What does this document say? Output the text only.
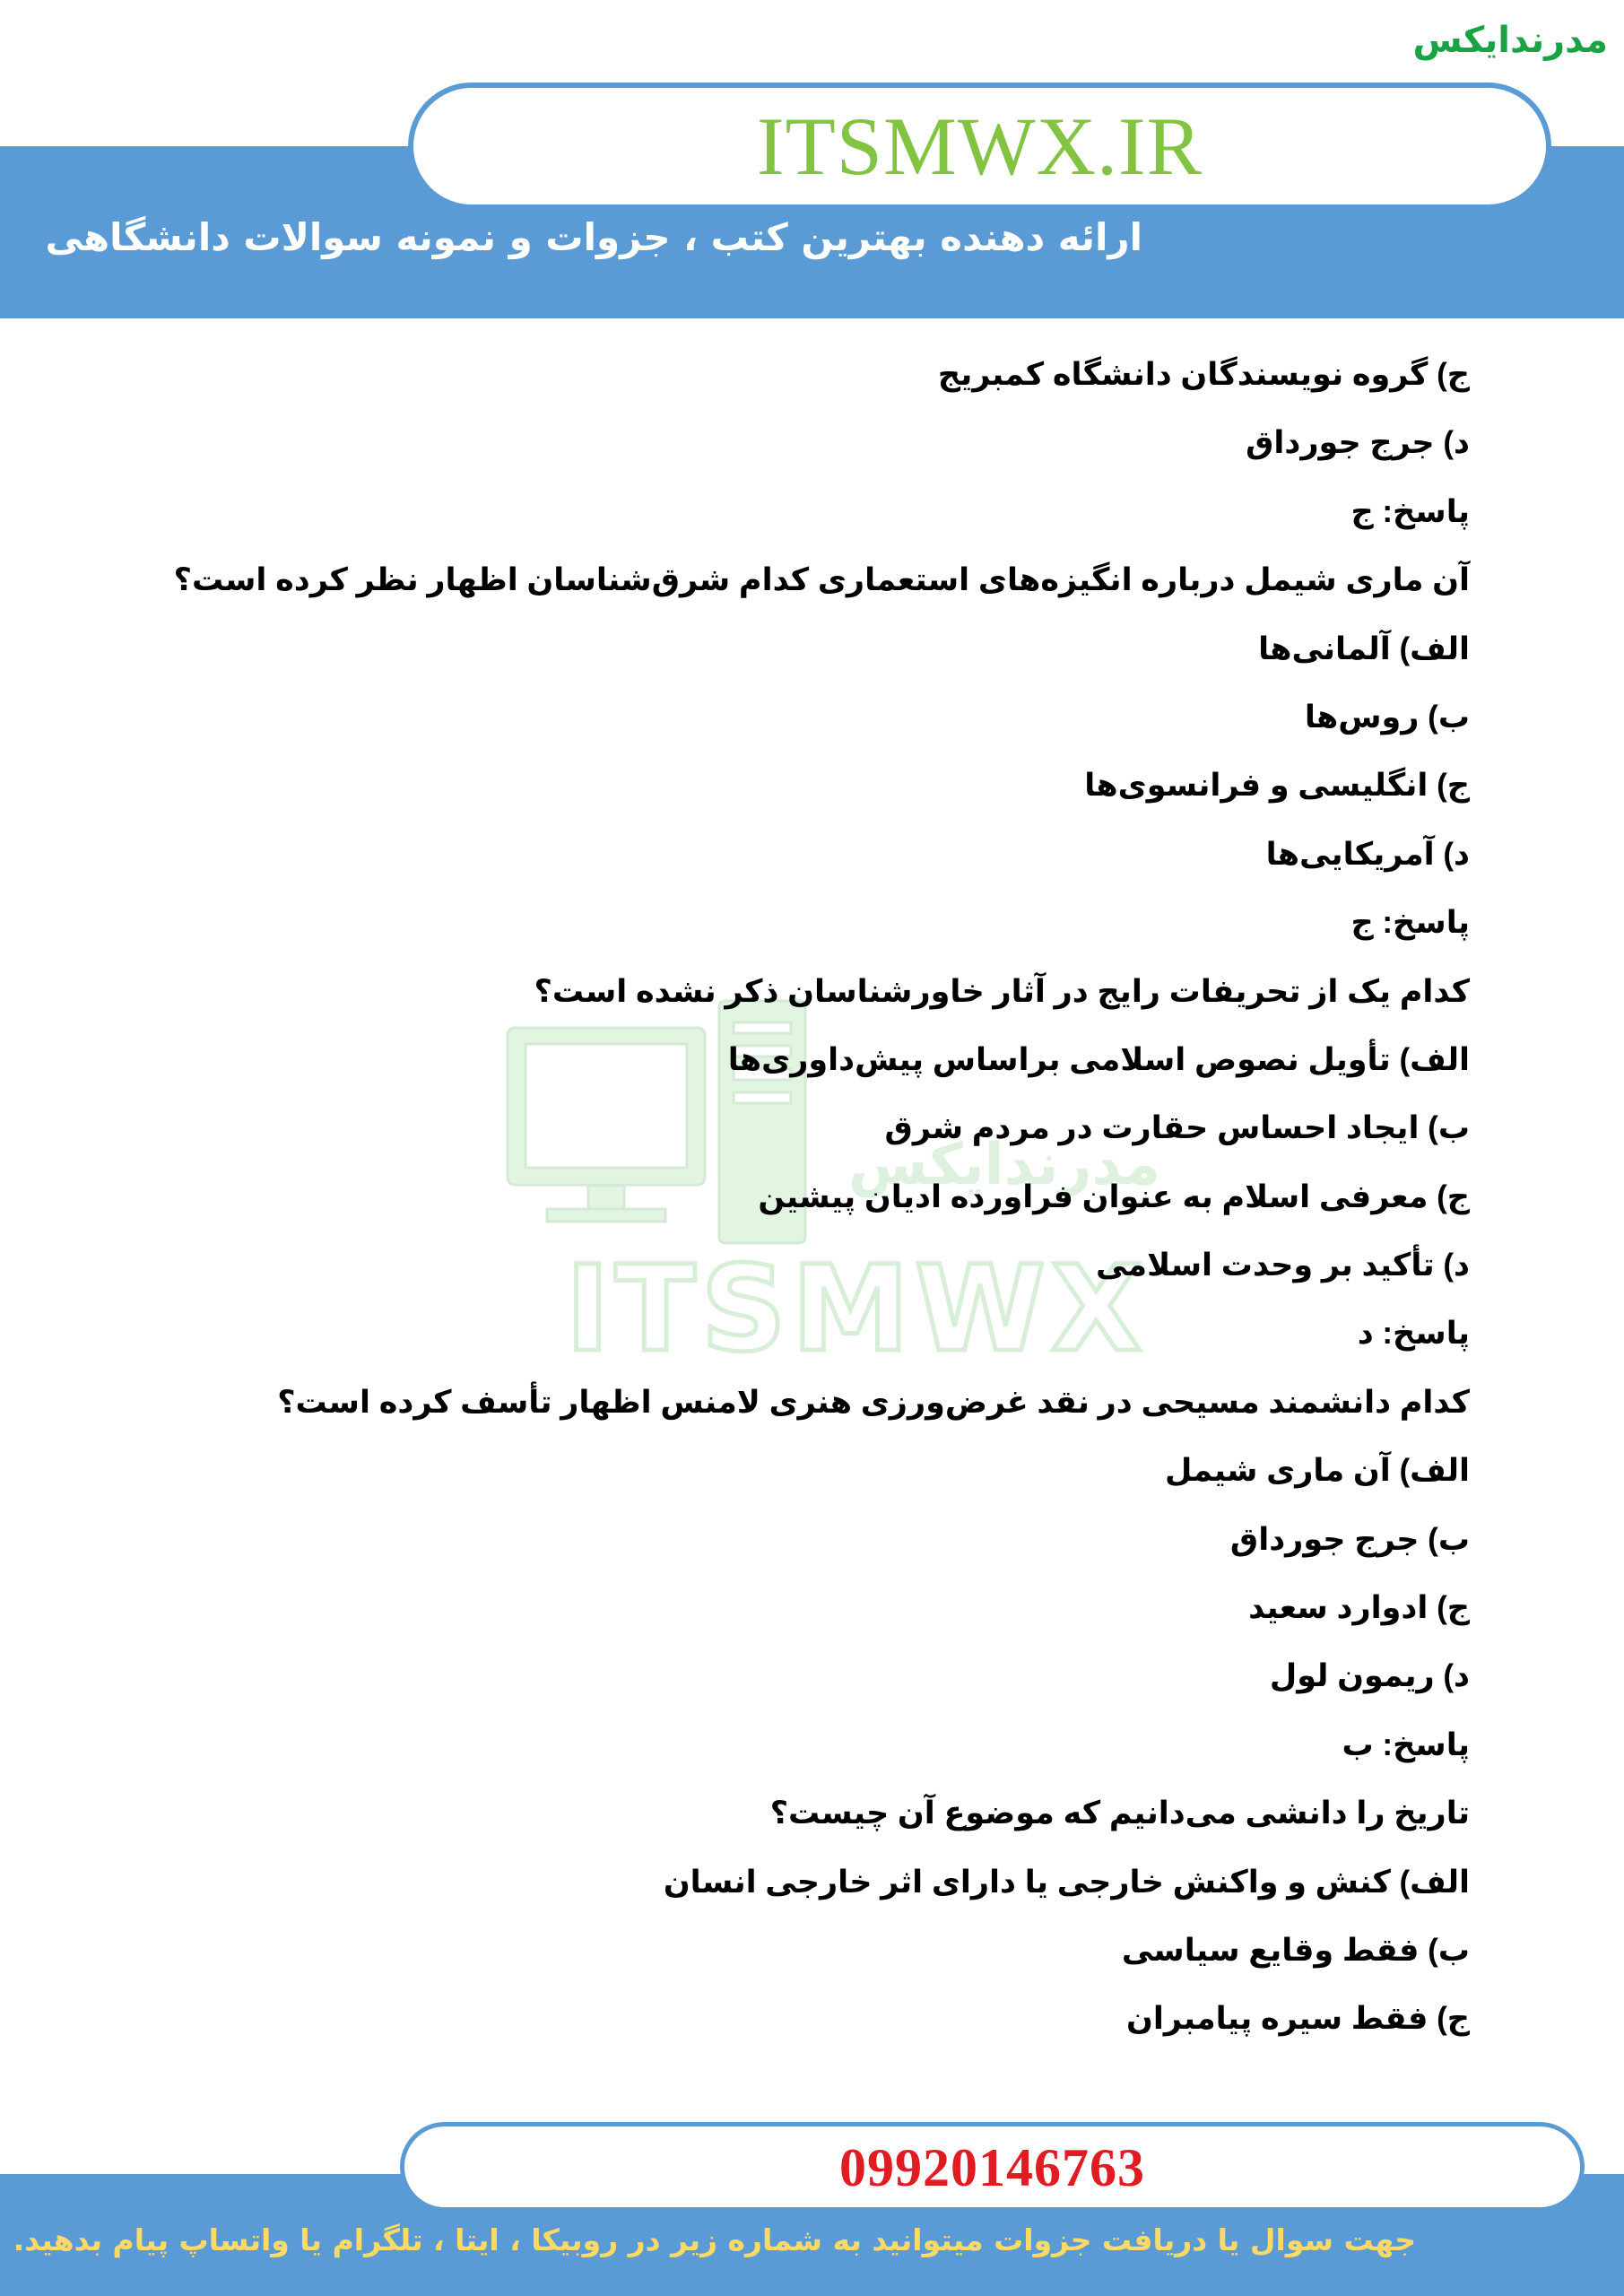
مدرندایکس
ITSMWX.IR
ارائه دهنده بهترین کتب ، جزوات و نمونه سوالات دانشگاهی
مدرندایکس
ITSMWX
ج) گروه نویسندگان دانشگاه کمبریج
د) جرج جورداق
پاسخ: ج
آن ماری شیمل درباره انگیزه‌های استعماری کدام شرق‌شناسان اظهار نظر کرده است؟
الف) آلمانی‌ها
ب) روس‌ها
ج) انگلیسی و فرانسوی‌ها
د) آمریکایی‌ها
پاسخ: ج
کدام یک از تحریفات رایج در آثار خاورشناسان ذکر نشده است؟
الف) تأویل نصوص اسلامی براساس پیش‌داوری‌ها
ب) ایجاد احساس حقارت در مردم شرق
ج) معرفی اسلام به عنوان فراورده ادیان پیشین
د) تأکید بر وحدت اسلامی
پاسخ: د
کدام دانشمند مسیحی در نقد غرض‌ورزی هنری لامنس اظهار تأسف کرده است؟
الف) آن ماری شیمل
ب) جرج جورداق
ج) ادوارد سعید
د) ریمون لول
پاسخ: ب
تاریخ را دانشی می‌دانیم که موضوع آن چیست؟
الف) کنش و واکنش خارجی یا دارای اثر خارجی انسان
ب) فقط وقایع سیاسی
ج) فقط سیره پیامبران
09920146763
جهت سوال یا دریافت جزوات میتوانید به شماره زیر در روبیکا ، ایتا ، تلگرام یا واتساپ پیام بدهید.
